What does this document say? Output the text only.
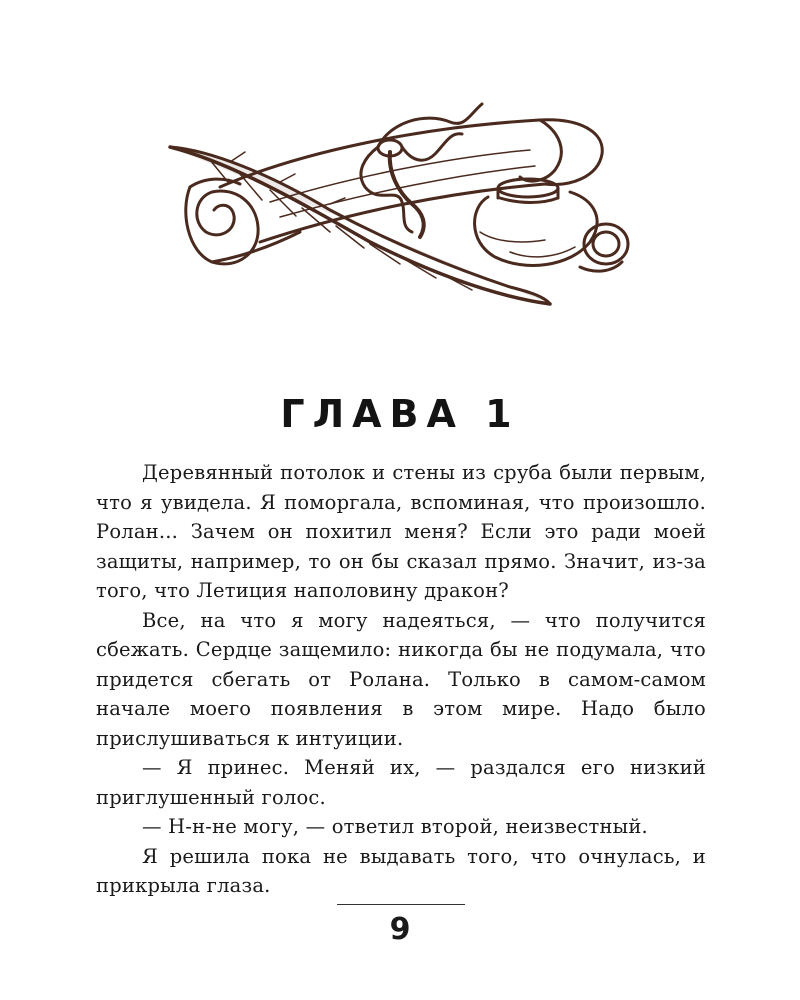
ГЛАВА 1

Деревянный потолок и стены из сруба были первым, что я увидела. Я поморгала, вспоминая, что произошло. Ролан... Зачем он похитил меня? Если это ради моей защиты, например, то он бы сказал прямо. Значит, из-за того, что Летиция наполовину дракон?

Все, на что я могу надеяться, — что получится сбежать. Сердце защемило: никогда бы не подумала, что придется сбегать от Ролана. Только в самом-самом начале моего появления в этом мире. Надо было прислушиваться к интуиции.

— Я принес. Меняй их, — раздался его низкий приглушенный голос.

— Н-н-не могу, — ответил второй, неизвестный.

Я решила пока не выдавать того, что очнулась, и прикрыла глаза.

9
